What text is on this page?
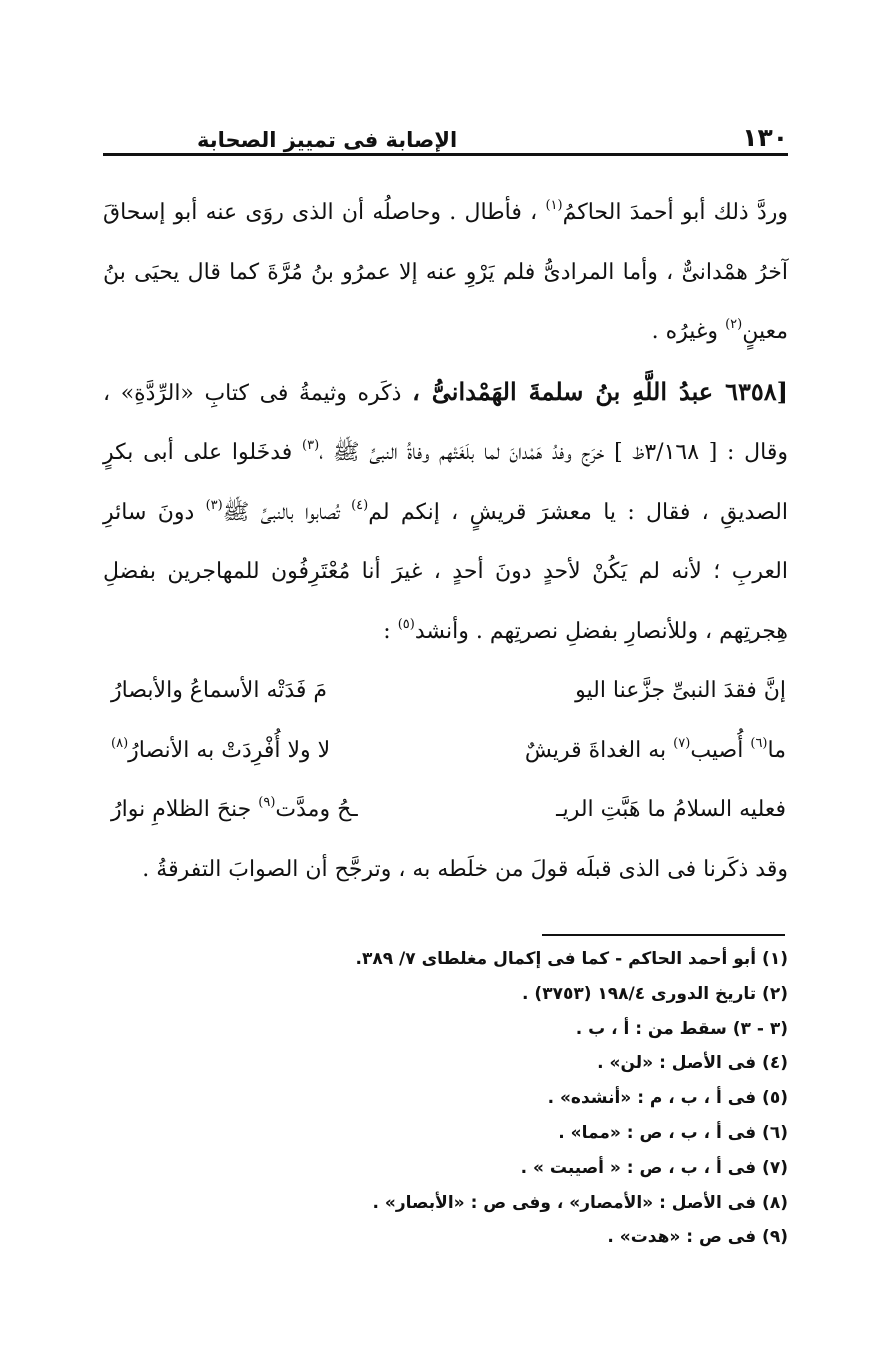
١٣٠
الإصابة فى تمييز الصحابة

وردَّ ذلك أبو أحمدَ الحاكمُ$^{(١)}$ ، فأطال . وحاصلُه أن الذى روَى عنه أبو إسحاقَ آخرُ همْدانىٌّ ، وأما المرادىُّ فلم يَرْوِ عنه إلا عمرُو بنُ مُرَّةَ كما قال يحيَى بنُ معينٍ$^{(٢)}$ وغيرُه .

[٦٣٥٨ عبدُ اللَّهِ بنُ سلمةَ الهَمْدانىُّ ، ذكَره وثيمةُ فى كتابِ «الرِّدَّةِ» ، وقال : [ ٣/١٦٨ظ ] خرَج وفدُ هَمْدانَ لما بلَغَتْهم وفاةُ النبىِّ ﷺ ،$^{(٣)}$ فدخَلوا على أبى بكرٍ الصديقِ ، فقال : يا معشرَ قريشٍ ، إنكم لم$^{(٤)}$ تُصابوا بالنبىِّ ﷺ$^{(٣)}$ دونَ سائرِ العربِ ؛ لأنه لم يَكُنْ لأحدٍ دونَ أحدٍ ، غيرَ أنا مُعْتَرِفُون للمهاجرين بفضلِ هِجرتِهم ، وللأنصارِ بفضلِ نصرتِهم . وأنشد$^{(٥)}$ :

إنَّ فقدَ النبىِّ جزَّعنا اليو
مَ فَدَتْه الأسماعُ والأبصارُ
ما$^{(٦)}$ أُصيب$^{(٧)}$ به الغداةَ قريشٌ
لا ولا أُفْرِدَتْ به الأنصارُ$^{(٨)}$
فعليه السلامُ ما هَبَّتِ الريـ
ـحُ ومدَّت$^{(٩)}$ جنحَ الظلامِ نوارُ

وقد ذكَرنا فى الذى قبلَه قولَ من خلَطه به ، وترجَّح أن الصوابَ التفرقةُ .

(١) أبو أحمد الحاكم - كما فى إكمال مغلطاى ٧/ ٣٨٩.
(٢) تاريخ الدورى ١٩٨/٤ (٣٧٥٣) .
(٣ - ٣) سقط من : أ ، ب .
(٤) فى الأصل : «لن» .
(٥) فى أ ، ب ، م : «أنشده» .
(٦) فى أ ، ب ، ص : «مما» .
(٧) فى أ ، ب ، ص : « أصيبت » .
(٨) فى الأصل : «الأمصار» ، وفى ص : «الأبصار» .
(٩) فى ص : «هدت» .
